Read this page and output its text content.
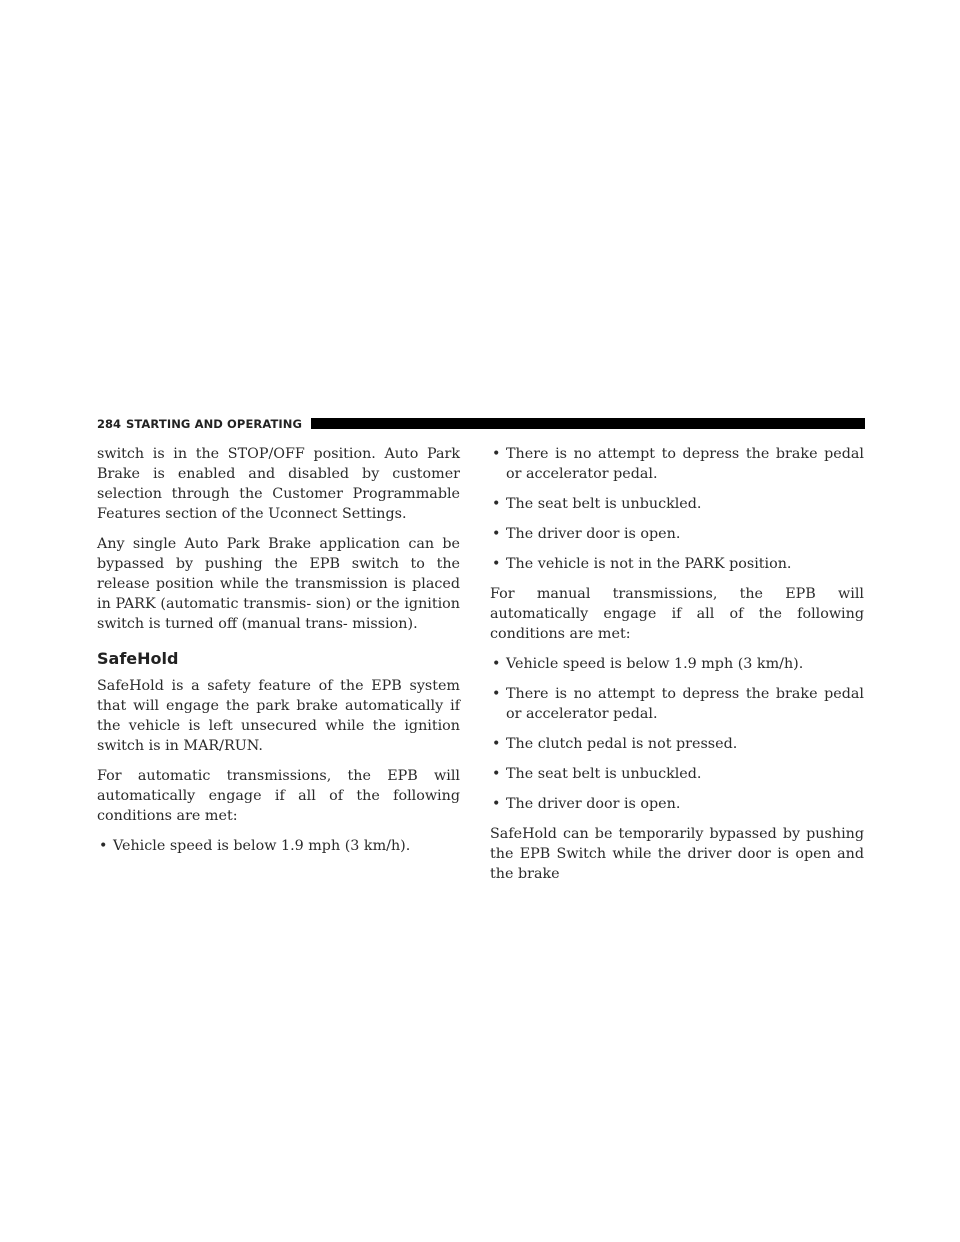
284 STARTING AND OPERATING

switch is in the STOP/OFF position. Auto Park Brake is enabled and disabled by customer selection through the Customer Programmable Features section of the Uconnect Settings.

Any single Auto Park Brake application can be bypassed by pushing the EPB switch to the release position while the transmission is placed in PARK (automatic transmis- sion) or the ignition switch is turned off (manual trans- mission).

SafeHold

SafeHold is a safety feature of the EPB system that will engage the park brake automatically if the vehicle is left unsecured while the ignition switch is in MAR/RUN.

For automatic transmissions, the EPB will automatically engage if all of the following conditions are met:

• Vehicle speed is below 1.9 mph (3 km/h).
• There is no attempt to depress the brake pedal or accelerator pedal.
• The seat belt is unbuckled.
• The driver door is open.
• The vehicle is not in the PARK position.

For manual transmissions, the EPB will automatically engage if all of the following conditions are met:

• Vehicle speed is below 1.9 mph (3 km/h).
• There is no attempt to depress the brake pedal or accelerator pedal.
• The clutch pedal is not pressed.
• The seat belt is unbuckled.
• The driver door is open.

SafeHold can be temporarily bypassed by pushing the EPB Switch while the driver door is open and the brake
